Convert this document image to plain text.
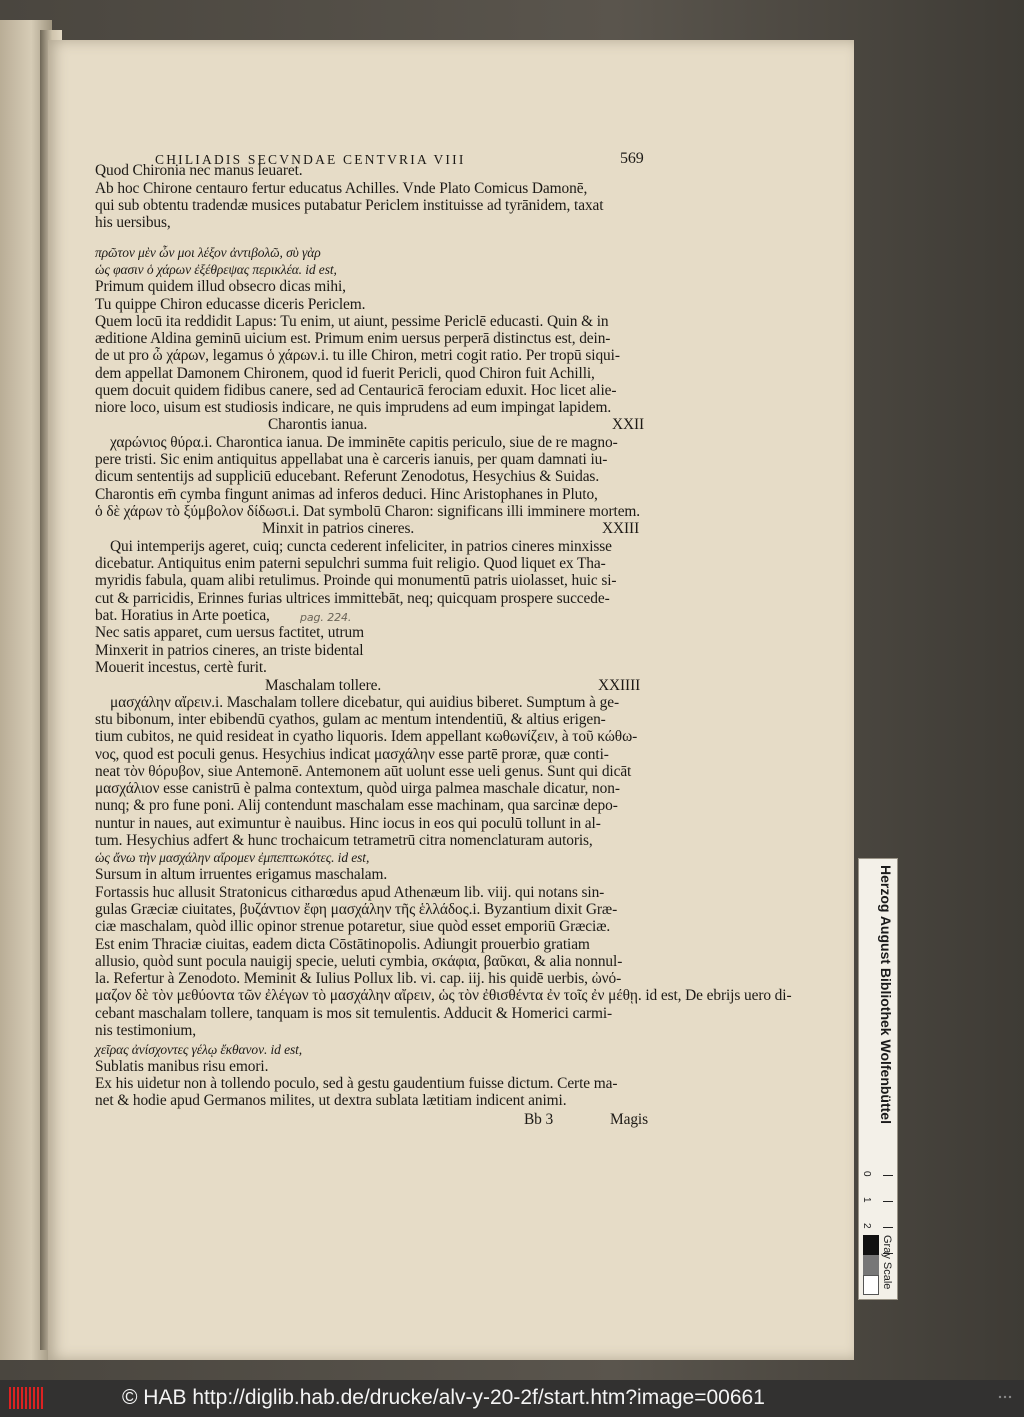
CHILIADIS SECVNDAE CENTVRIA VIII	569
Quod Chironia nec manus leuaret.
Ab hoc Chirone centauro fertur educatus Achilles. Vnde Plato Comicus Damonē,
qui sub obtentu tradendæ musices putabatur Periclem instituisse ad tyrānidem, taxat
his uersibus,
πρῶτον μὲν ὦν μοι λέξον ἀντιβολῶ, σὺ γὰρ
ὡς φασιν ὁ χάρων ἐξέθρεψας περικλέα. id est,
Primum quidem illud obsecro dicas mihi,
Tu quippe Chiron educasse diceris Periclem.
Quem locū ita reddidit Lapus: Tu enim, ut aiunt, pessime Periclē educasti. Quin & in
æditione Aldina geminū uicium est. Primum enim uersus perperā distinctus est, dein-
de ut pro ὦ χάρων, legamus ὁ χάρων.i. tu ille Chiron, metri cogit ratio. Per tropū siqui-
dem appellat Damonem Chironem, quod id fuerit Pericli, quod Chiron fuit Achilli,
quem docuit quidem fidibus canere, sed ad Centauricā ferociam eduxit. Hoc licet alie-
niore loco, uisum est studiosis indicare, ne quis imprudens ad eum impingat lapidem.
Charontis ianua.	XXII
χαρώνιος θύρα.i. Charontica ianua. De imminēte capitis periculo, siue de re magno-
pere tristi. Sic enim antiquitus appellabat una è carceris ianuis, per quam damnati iu-
dicum sententijs ad suppliciū educebant. Referunt Zenodotus, Hesychius & Suidas.
Charontis em̄ cymba fingunt animas ad inferos deduci. Hinc Aristophanes in Pluto,
ὁ δὲ χάρων τὸ ξύμβολον δίδωσι.i. Dat symbolū Charon: significans illi imminere mortem.
Minxit in patrios cineres.	XXIII
Qui intemperijs ageret, cuiq; cuncta cederent infeliciter, in patrios cineres minxisse
dicebatur. Antiquitus enim paterni sepulchri summa fuit religio. Quod liquet ex Tha-
myridis fabula, quam alibi retulimus. Proinde qui monumentū patris uiolasset, huic si-
cut & parricidis, Erinnes furias ultrices immittebāt, neq; quicquam prospere succede-
bat. Horatius in Arte poetica,	pag. 224.
Nec satis apparet, cum uersus factitet, utrum
Minxerit in patrios cineres, an triste bidental
Mouerit incestus, certè furit.
Maschalam tollere.	XXIIII
μασχάλην αἴρειν.i. Maschalam tollere dicebatur, qui auidius biberet. Sumptum à ge-
stu bibonum, inter ebibendū cyathos, gulam ac mentum intendentiū, & altius erigen-
tium cubitos, ne quid resideat in cyatho liquoris. Idem appellant κωθωνίζειν, à τοῦ κώθω-
νος, quod est poculi genus. Hesychius indicat μασχάλην esse partē proræ, quæ conti-
neat τὸν θόρυβον, siue Antemonē. Antemonem aūt uolunt esse ueli genus. Sunt qui dicāt
μασχάλιον esse canistrū è palma contextum, quòd uirga palmea maschale dicatur, non-
nunq; & pro fune poni. Alij contendunt maschalam esse machinam, qua sarcinæ depo-
nuntur in naues, aut eximuntur è nauibus. Hinc iocus in eos qui poculū tollunt in al-
tum. Hesychius adfert & hunc trochaicum tetrametrū citra nomenclaturam autoris,
ὡς ἄνω τὴν μασχάλην αἴρομεν ἐμπεπτωκότες. id est,
Sursum in altum irruentes erigamus maschalam.
Fortassis huc allusit Stratonicus citharœdus apud Athenæum lib. viij. qui notans sin-
gulas Græciæ ciuitates, βυζάντιον ἔφη μασχάλην τῆς ἑλλάδος.i. Byzantium dixit Græ-
ciæ maschalam, quòd illic opinor strenue potaretur, siue quòd esset emporiū Græciæ.
Est enim Thraciæ ciuitas, eadem dicta Cōstātinopolis. Adiungit prouerbio gratiam
allusio, quòd sunt pocula nauigij specie, ueluti cymbia, σκάφια, βαῦκαι, & alia nonnul-
la. Refertur à Zenodoto. Meminit & Iulius Pollux lib. vi. cap. iij. his quidē uerbis, ὠνό-
μαζον δὲ τὸν μεθύοντα τῶν ἐλέγων τὸ μασχάλην αἴρειν, ὡς τὸν ἐθισθέντα ἐν τοῖς ἐν μέθῃ. id est, De ebrijs uero di-
cebant maschalam tollere, tanquam is mos sit temulentis. Adducit & Homerici carmi-
nis testimonium,
χεῖρας ἀνίσχοντες γέλῳ ἔκθανον. id est,
Sublatis manibus risu emori.
Ex his uidetur non à tollendo poculo, sed à gestu gaudentium fuisse dictum. Certe ma-
net & hodie apud Germanos milites, ut dextra sublata lætitiam indicent animi.
Bb 3	Magis	Herzog August Bibliothek Wolfenbüttel
0
1
2
Gray Scale
© HAB http://diglib.hab.de/drucke/alv-y-20-2f/start.htm?image=00661
